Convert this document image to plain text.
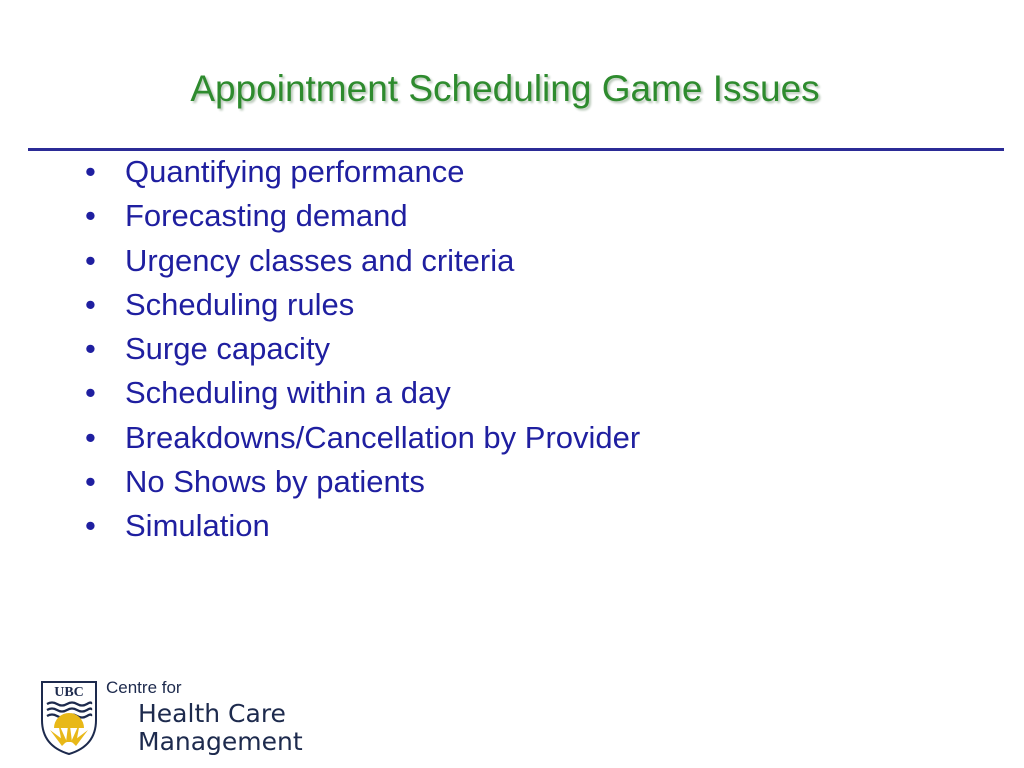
Appointment Scheduling Game Issues
• Quantifying performance
• Forecasting demand
• Urgency classes and criteria
• Scheduling rules
• Surge capacity
• Scheduling within a day
• Breakdowns/Cancellation by Provider
• No Shows by patients
• Simulation
UBC Centre for
Health Care
Management
